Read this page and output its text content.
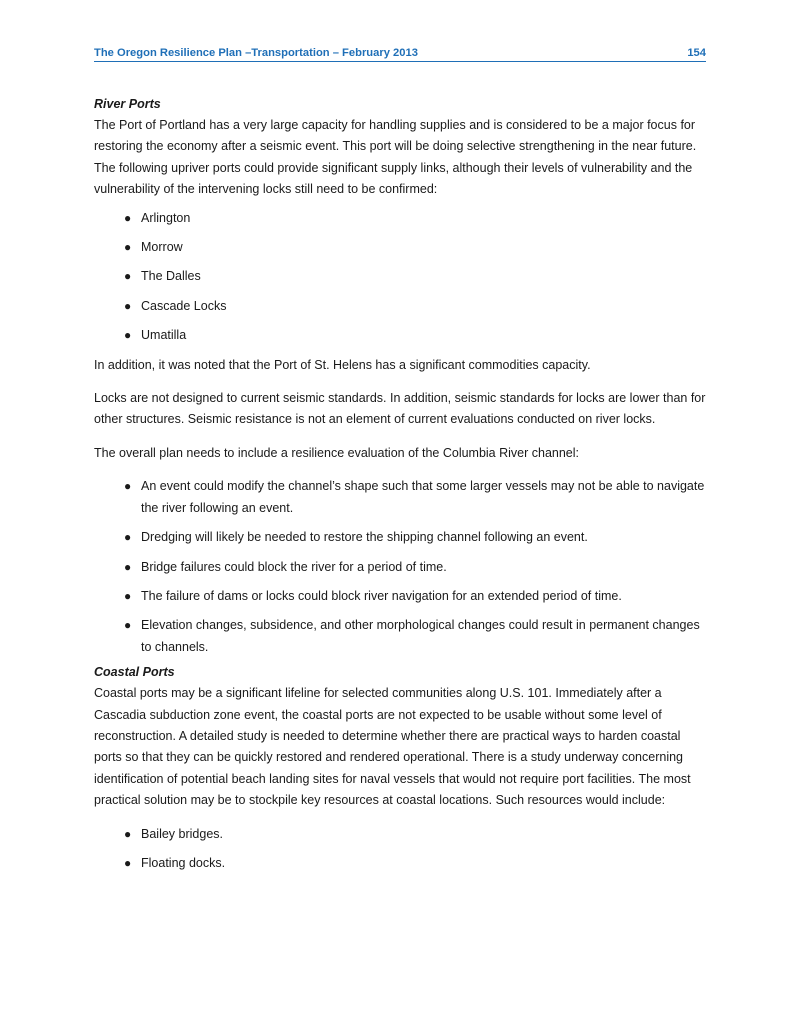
The Oregon Resilience Plan –Transportation – February 2013	154
River Ports

The Port of Portland has a very large capacity for handling supplies and is considered to be a major focus for restoring the economy after a seismic event. This port will be doing selective strengthening in the near future. The following upriver ports could provide significant supply links, although their levels of vulnerability and the vulnerability of the intervening locks still need to be confirmed:

● Arlington
● Morrow
● The Dalles
● Cascade Locks
● Umatilla

In addition, it was noted that the Port of St. Helens has a significant commodities capacity.

Locks are not designed to current seismic standards. In addition, seismic standards for locks are lower than for other structures. Seismic resistance is not an element of current evaluations conducted on river locks.

The overall plan needs to include a resilience evaluation of the Columbia River channel:

● An event could modify the channel’s shape such that some larger vessels may not be able to navigate the river following an event.
● Dredging will likely be needed to restore the shipping channel following an event.
● Bridge failures could block the river for a period of time.
● The failure of dams or locks could block river navigation for an extended period of time.
● Elevation changes, subsidence, and other morphological changes could result in permanent changes to channels.
Coastal Ports

Coastal ports may be a significant lifeline for selected communities along U.S. 101. Immediately after a Cascadia subduction zone event, the coastal ports are not expected to be usable without some level of reconstruction. A detailed study is needed to determine whether there are practical ways to harden coastal ports so that they can be quickly restored and rendered operational. There is a study underway concerning identification of potential beach landing sites for naval vessels that would not require port facilities. The most practical solution may be to stockpile key resources at coastal locations. Such resources would include:

● Bailey bridges.
● Floating docks.
